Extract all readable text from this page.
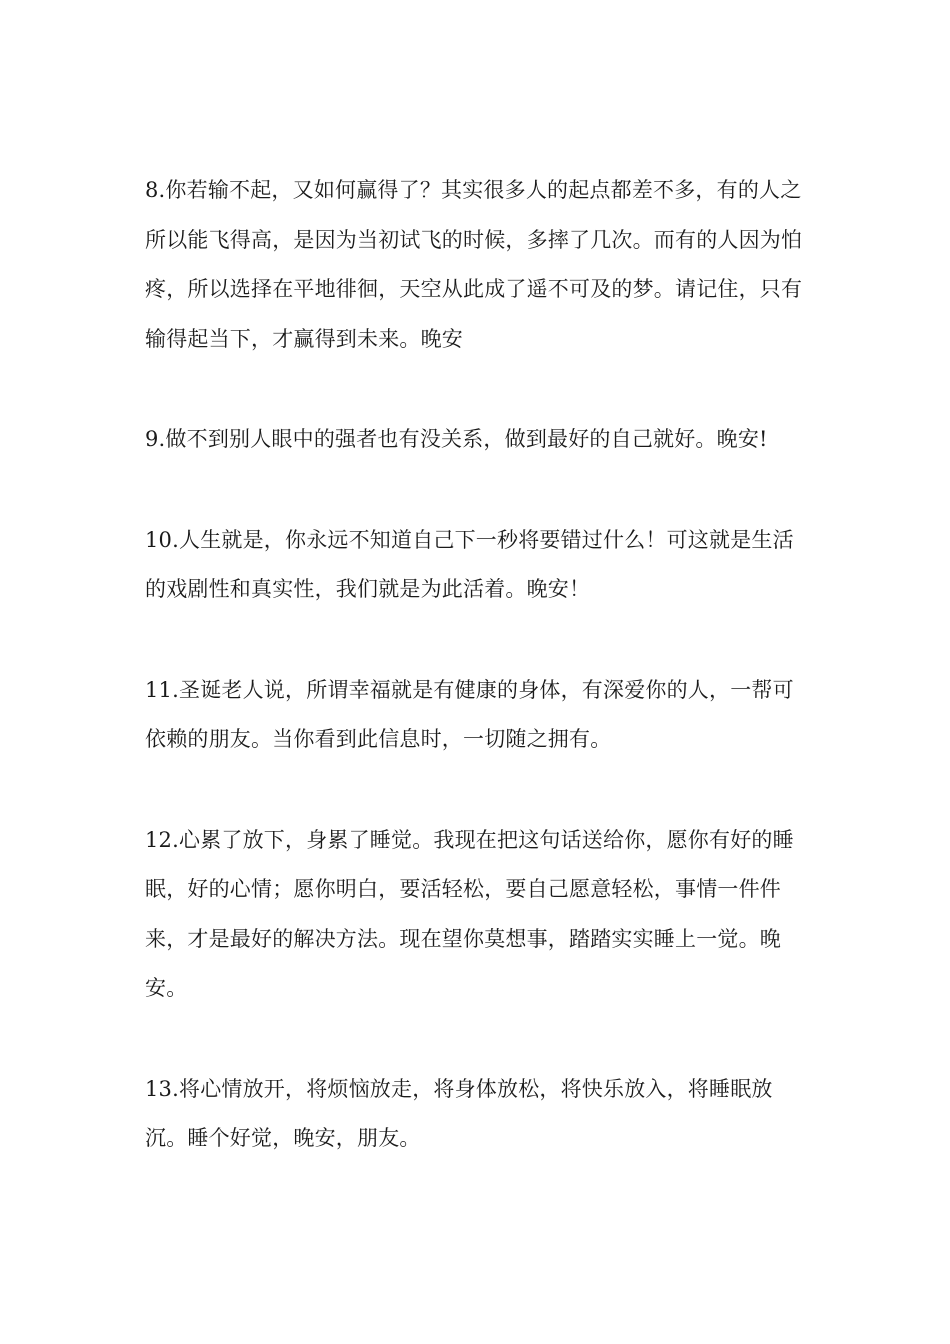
8.你若输不起，又如何赢得了？其实很多人的起点都差不多，有的人之所以能飞得高，是因为当初试飞的时候，多摔了几次。而有的人因为怕疼，所以选择在平地徘徊，天空从此成了遥不可及的梦。请记住，只有输得起当下，才赢得到未来。晚安

9.做不到别人眼中的强者也有没关系，做到最好的自己就好。晚安!

10.人生就是，你永远不知道自己下一秒将要错过什么！可这就是生活的戏剧性和真实性，我们就是为此活着。晚安！

11.圣诞老人说，所谓幸福就是有健康的身体，有深爱你的人，一帮可依赖的朋友。当你看到此信息时，一切随之拥有。

12.心累了放下，身累了睡觉。我现在把这句话送给你，愿你有好的睡眠，好的心情；愿你明白，要活轻松，要自己愿意轻松，事情一件件来，才是最好的解决方法。现在望你莫想事，踏踏实实睡上一觉。晚安。

13.将心情放开，将烦恼放走，将身体放松，将快乐放入，将睡眠放沉。睡个好觉，晚安，朋友。
